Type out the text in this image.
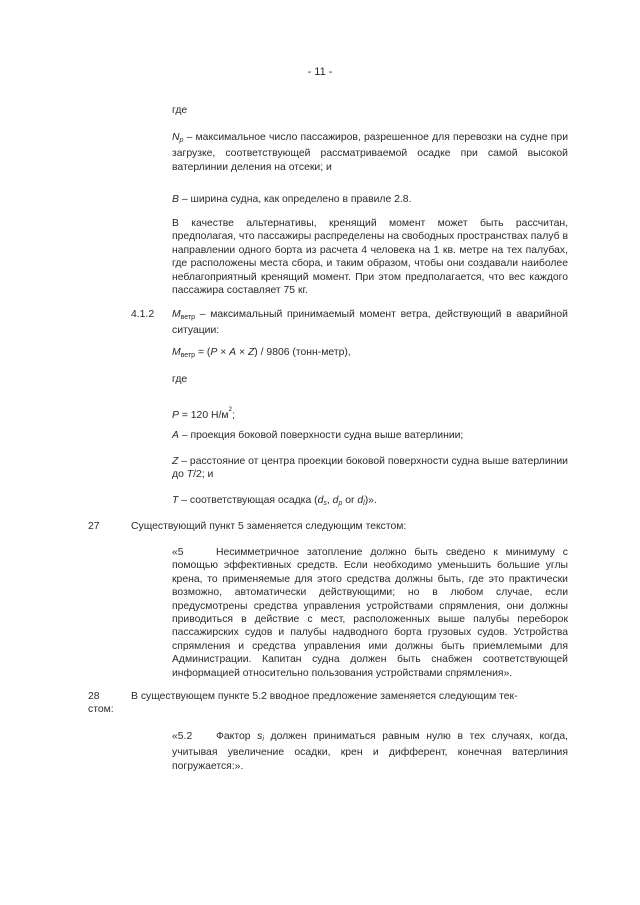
- 11 -

где

$N_p$ – максимальное число пассажиров, разрешенное для перевозки на судне при загрузке, соответствующей рассматриваемой осадке при самой высокой ватерлинии деления на отсеки; и

B – ширина судна, как определено в правиле 2.8.

В качестве альтернативы, кренящий момент может быть рассчитан, предполагая, что пассажиры распределены на свободных пространствах палуб в направлении одного борта из расчета 4 человека на 1 кв. метре на тех палубах, где расположены места сбора, и таким образом, чтобы они создавали наиболее неблагоприятный кренящий момент. При этом предполагается, что вес каждого пассажира составляет 75 кг.

4.1.2	$M_{ветр}$ – максимальный принимаемый момент ветра, действующий в аварийной ситуации:

$M_{ветр} = (P \times A \times Z) / 9806$ (тонн-метр),

где

P = 120 $Н/м^2$;

A – проекция боковой поверхности судна выше ватерлинии;

Z – расстояние от центра проекции боковой поверхности судна выше ватерлинии до T/2; и

T – соответствующая осадка ($d_s$, $d_p$ or $d_l$)».

27	Существующий пункт 5 заменяется следующим текстом:

«5	Несимметричное затопление должно быть сведено к минимуму с помощью эффективных средств. Если необходимо уменьшить большие углы крена, то применяемые для этого средства должны быть, где это практически возможно, автоматически действующими; но в любом случае, если предусмотрены средства управления устройствами спрямления, они должны приводиться в действие с мест, расположенных выше палубы переборок пассажирских судов и палубы надводного борта грузовых судов. Устройства спрямления и средства управления ими должны быть приемлемыми для Администрации. Капитан судна должен быть снабжен соответствующей информацией относительно пользования устройствами спрямления».

28	В существующем пункте 5.2 вводное предложение заменяется следующим тек-

стом:

«5.2 Фактор $s_i$ должен приниматься равным нулю в тех случаях, когда, учитывая увеличение осадки, крен и дифферент, конечная ватерлиния погружается:».
